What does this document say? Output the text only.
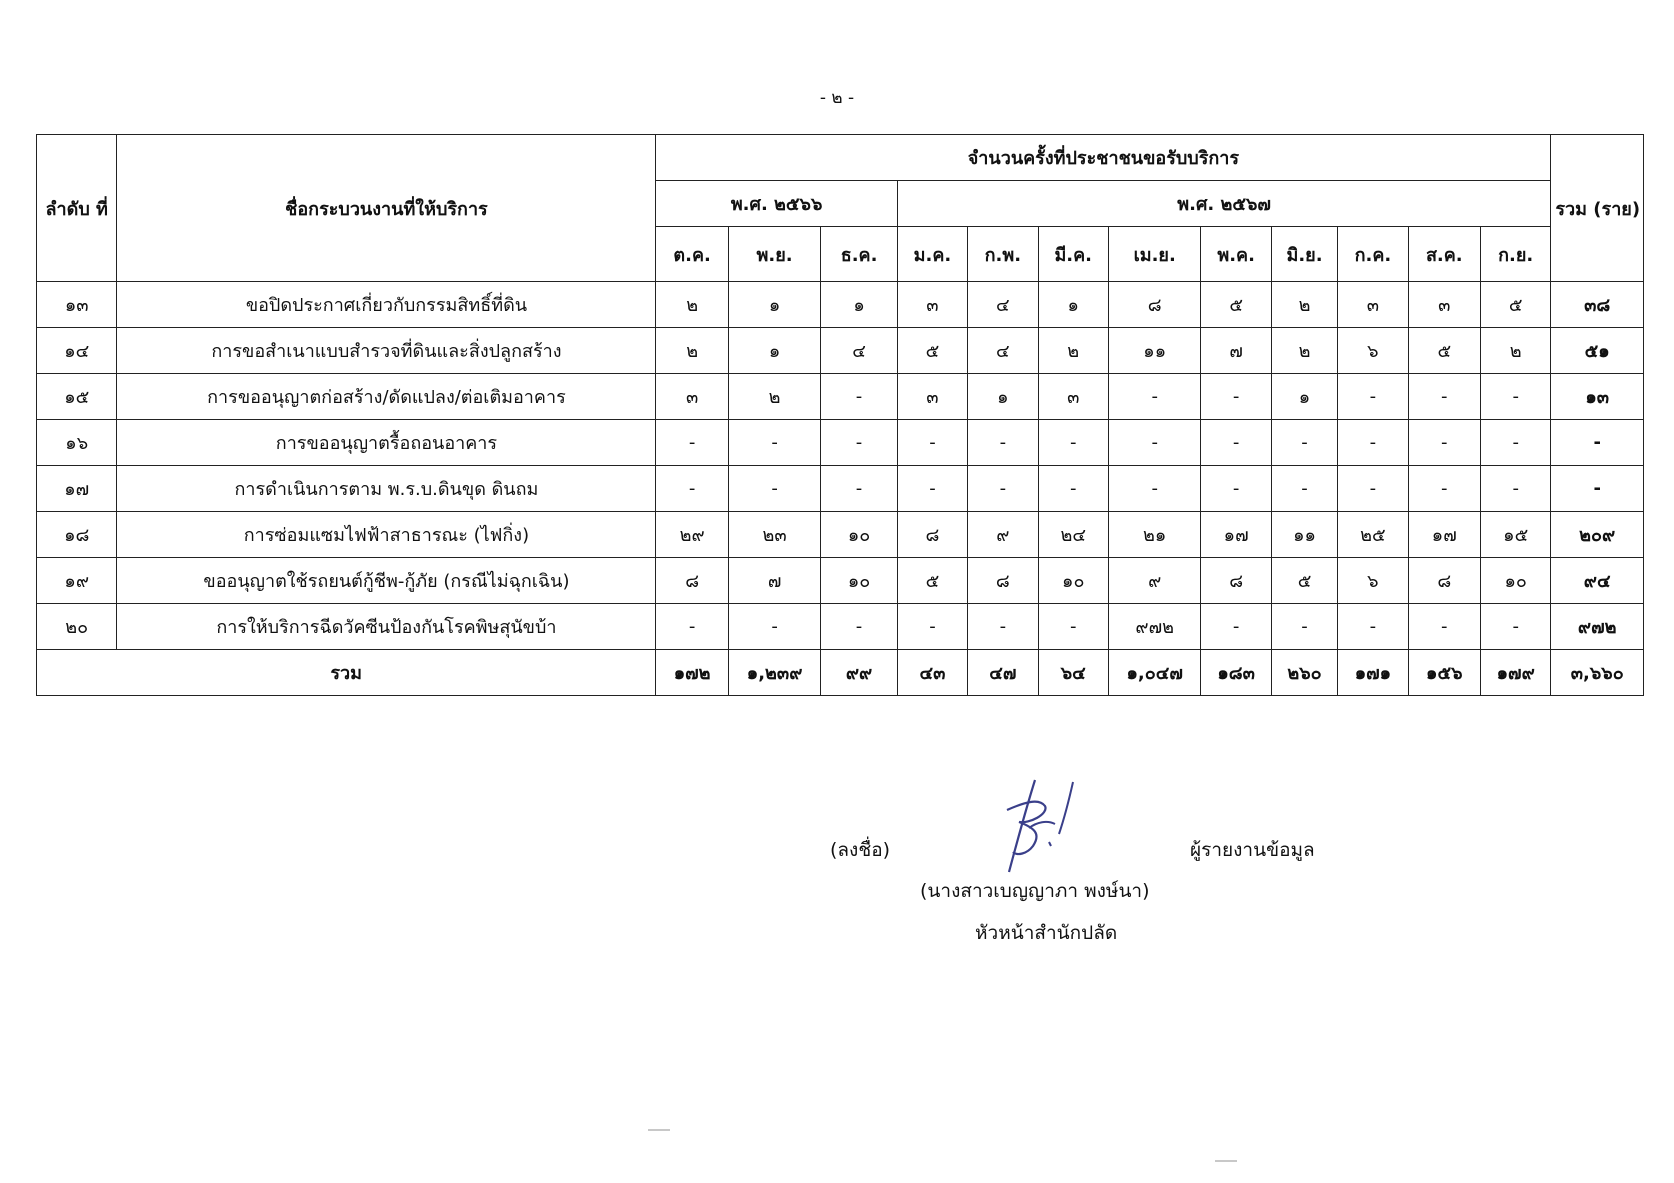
- ๒ -
ลำดับ ที่	ชื่อกระบวนงานที่ให้บริการ	จำนวนครั้งที่ประชาชนขอรับบริการ												รวม (ราย)
		พ.ศ. ๒๕๖๖			พ.ศ. ๒๕๖๗									
		ต.ค.	พ.ย.	ธ.ค.	ม.ค.	ก.พ.	มี.ค.	เม.ย.	พ.ค.	มิ.ย.	ก.ค.	ส.ค.	ก.ย.	
๑๓	ขอปิดประกาศเกี่ยวกับกรรมสิทธิ์ที่ดิน	๒	๑	๑	๓	๔	๑	๘	๕	๒	๓	๓	๕	๓๘
๑๔	การขอสำเนาแบบสำรวจที่ดินและสิ่งปลูกสร้าง	๒	๑	๔	๕	๔	๒	๑๑	๗	๒	๖	๕	๒	๕๑
๑๕	การขออนุญาตก่อสร้าง/ดัดแปลง/ต่อเติมอาคาร	๓	๒	-	๓	๑	๓	-	-	๑	-	-	-	๑๓
๑๖	การขออนุญาตรื้อถอนอาคาร	-	-	-	-	-	-	-	-	-	-	-	-	-
๑๗	การดำเนินการตาม พ.ร.บ.ดินขุด ดินถม	-	-	-	-	-	-	-	-	-	-	-	-	-
๑๘	การซ่อมแซมไฟฟ้าสาธารณะ (ไฟกิ่ง)	๒๙	๒๓	๑๐	๘	๙	๒๔	๒๑	๑๗	๑๑	๒๕	๑๗	๑๕	๒๐๙
๑๙	ขออนุญาตใช้รถยนต์กู้ชีพ-กู้ภัย (กรณีไม่ฉุกเฉิน)	๘	๗	๑๐	๕	๘	๑๐	๙	๘	๕	๖	๘	๑๐	๙๔
๒๐	การให้บริการฉีดวัคซีนป้องกันโรคพิษสุนัขบ้า	-	-	-	-	-	-	๙๗๒	-	-	-	-	-	๙๗๒
รวม		๑๗๒	๑,๒๓๙	๙๙	๔๓	๔๗	๖๔	๑,๐๔๗	๑๘๓	๒๖๐	๑๗๑	๑๕๖	๑๗๙	๓,๖๖๐
(ลงชื่อ)	ผู้รายงานข้อมูล
(นางสาวเบญญาภา พงษ์นา)
หัวหน้าสำนักปลัด
